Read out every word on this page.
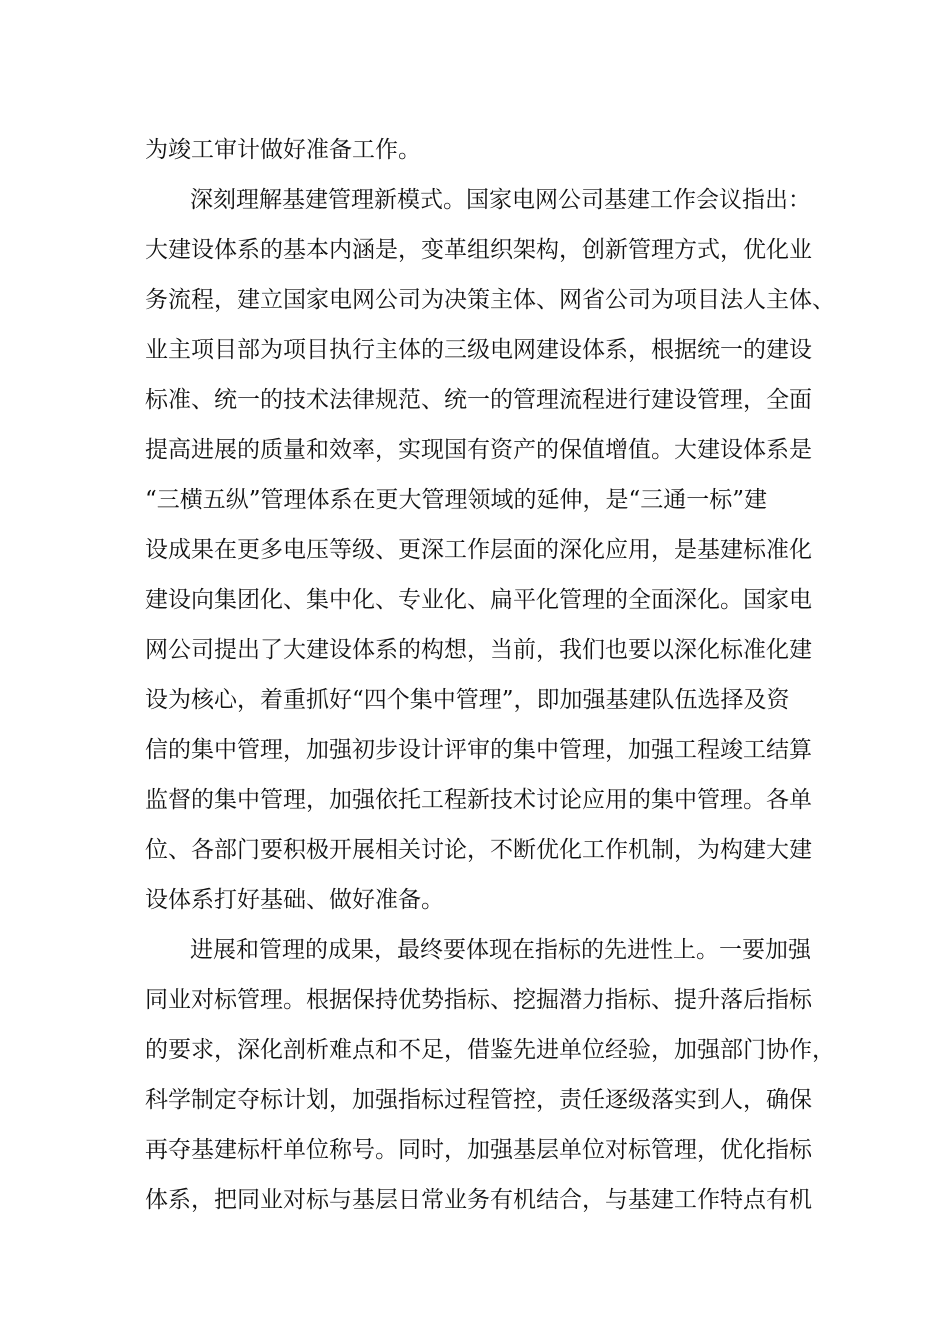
为竣工审计做好准备工作。
深刻理解基建管理新模式。国家电网公司基建工作会议指出：
大建设体系的基本内涵是，变革组织架构，创新管理方式，优化业
务流程，建立国家电网公司为决策主体、网省公司为项目法人主体、
业主项目部为项目执行主体的三级电网建设体系，根据统一的建设
标准、统一的技术法律规范、统一的管理流程进行建设管理，全面
提高进展的质量和效率，实现国有资产的保值增值。大建设体系是
“三横五纵”管理体系在更大管理领域的延伸，是“三通一标”建
设成果在更多电压等级、更深工作层面的深化应用，是基建标准化
建设向集团化、集中化、专业化、扁平化管理的全面深化。国家电
网公司提出了大建设体系的构想，当前，我们也要以深化标准化建
设为核心，着重抓好“四个集中管理”，即加强基建队伍选择及资
信的集中管理，加强初步设计评审的集中管理，加强工程竣工结算
监督的集中管理，加强依托工程新技术讨论应用的集中管理。各单
位、各部门要积极开展相关讨论，不断优化工作机制，为构建大建
设体系打好基础、做好准备。
进展和管理的成果，最终要体现在指标的先进性上。一要加强
同业对标管理。根据保持优势指标、挖掘潜力指标、提升落后指标
的要求，深化剖析难点和不足，借鉴先进单位经验，加强部门协作，
科学制定夺标计划，加强指标过程管控，责任逐级落实到人，确保
再夺基建标杆单位称号。同时，加强基层单位对标管理，优化指标
体系，把同业对标与基层日常业务有机结合，与基建工作特点有机
